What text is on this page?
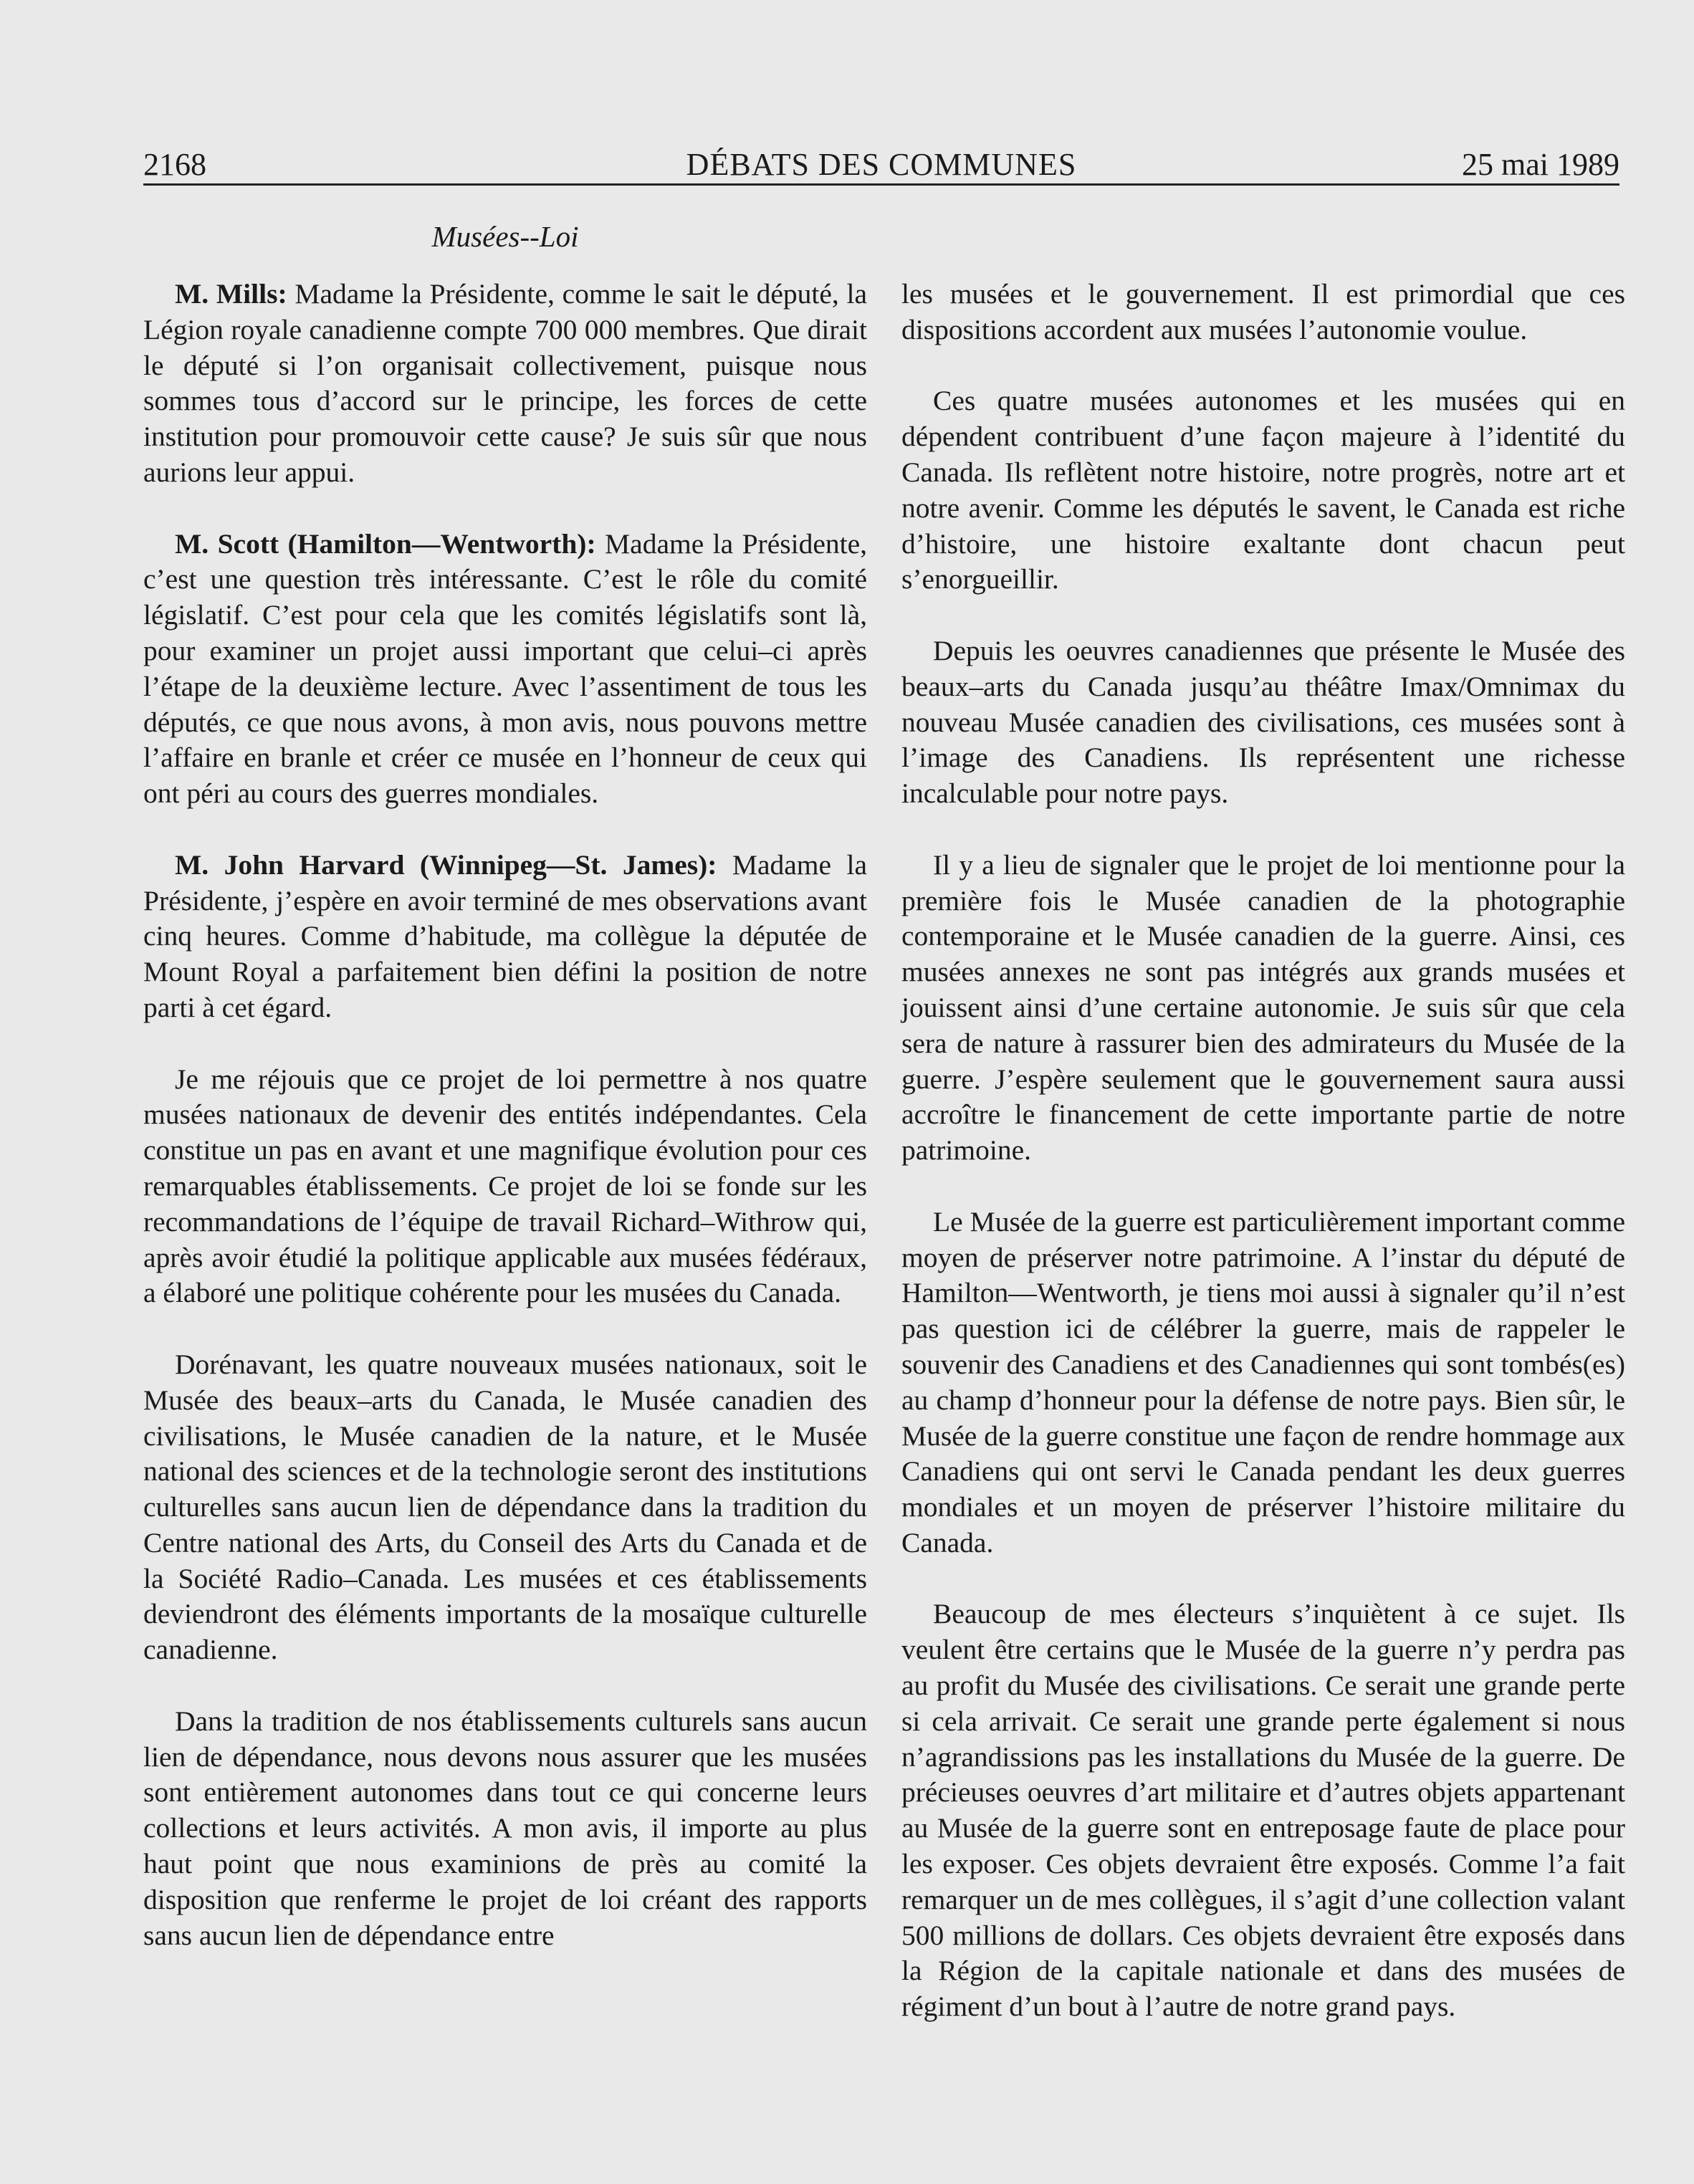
2168	DÉBATS DES COMMUNES	25 mai 1989
Musées--Loi

M. Mills: Madame la Présidente, comme le sait le député, la Légion royale canadienne compte 700 000 membres. Que dirait le député si l’on organisait collectivement, puisque nous sommes tous d’accord sur le principe, les forces de cette institution pour promouvoir cette cause? Je suis sûr que nous aurions leur appui.

M. Scott (Hamilton—Wentworth): Madame la Présidente, c’est une question très intéressante. C’est le rôle du comité législatif. C’est pour cela que les comités législatifs sont là, pour examiner un projet aussi important que celui–ci après l’étape de la deuxième lecture. Avec l’assentiment de tous les députés, ce que nous avons, à mon avis, nous pouvons mettre l’affaire en branle et créer ce musée en l’honneur de ceux qui ont péri au cours des guerres mondiales.

M. John Harvard (Winnipeg—St. James): Madame la Présidente, j’espère en avoir terminé de mes observations avant cinq heures. Comme d’habitude, ma collègue la députée de Mount Royal a parfaitement bien défini la position de notre parti à cet égard.

Je me réjouis que ce projet de loi permettre à nos quatre musées nationaux de devenir des entités indépendantes. Cela constitue un pas en avant et une magnifique évolution pour ces remarquables établissements. Ce projet de loi se fonde sur les recommandations de l’équipe de travail Richard–Withrow qui, après avoir étudié la politique applicable aux musées fédéraux, a élaboré une politique cohérente pour les musées du Canada.

Dorénavant, les quatre nouveaux musées nationaux, soit le Musée des beaux–arts du Canada, le Musée canadien des civilisations, le Musée canadien de la nature, et le Musée national des sciences et de la technologie seront des institutions culturelles sans aucun lien de dépendance dans la tradition du Centre national des Arts, du Conseil des Arts du Canada et de la Société Radio–Canada. Les musées et ces établissements deviendront des éléments importants de la mosaïque culturelle canadienne.

Dans la tradition de nos établissements culturels sans aucun lien de dépendance, nous devons nous assurer que les musées sont entièrement autonomes dans tout ce qui concerne leurs collections et leurs activités. A mon avis, il importe au plus haut point que nous examinions de près au comité la disposition que renferme le projet de loi créant des rapports sans aucun lien de dépendance entre

les musées et le gouvernement. Il est primordial que ces dispositions accordent aux musées l’autonomie voulue.

Ces quatre musées autonomes et les musées qui en dépendent contribuent d’une façon majeure à l’identité du Canada. Ils reflètent notre histoire, notre progrès, notre art et notre avenir. Comme les députés le savent, le Canada est riche d’histoire, une histoire exaltante dont chacun peut s’enorgueillir.

Depuis les oeuvres canadiennes que présente le Musée des beaux–arts du Canada jusqu’au théâtre Imax/Omnimax du nouveau Musée canadien des civilisations, ces musées sont à l’image des Canadiens. Ils représentent une richesse incalculable pour notre pays.

Il y a lieu de signaler que le projet de loi mentionne pour la première fois le Musée canadien de la photographie contemporaine et le Musée canadien de la guerre. Ainsi, ces musées annexes ne sont pas intégrés aux grands musées et jouissent ainsi d’une certaine autonomie. Je suis sûr que cela sera de nature à rassurer bien des admirateurs du Musée de la guerre. J’espère seulement que le gouvernement saura aussi accroître le financement de cette importante partie de notre patrimoine.

Le Musée de la guerre est particulièrement important comme moyen de préserver notre patrimoine. A l’instar du député de Hamilton—Wentworth, je tiens moi aussi à signaler qu’il n’est pas question ici de célébrer la guerre, mais de rappeler le souvenir des Canadiens et des Canadiennes qui sont tombés(es) au champ d’honneur pour la défense de notre pays. Bien sûr, le Musée de la guerre constitue une façon de rendre hommage aux Canadiens qui ont servi le Canada pendant les deux guerres mondiales et un moyen de préserver l’histoire militaire du Canada.

Beaucoup de mes électeurs s’inquiètent à ce sujet. Ils veulent être certains que le Musée de la guerre n’y perdra pas au profit du Musée des civilisations. Ce serait une grande perte si cela arrivait. Ce serait une grande perte également si nous n’agrandissions pas les installations du Musée de la guerre. De précieuses oeuvres d’art militaire et d’autres objets appartenant au Musée de la guerre sont en entreposage faute de place pour les exposer. Ces objets devraient être exposés. Comme l’a fait remarquer un de mes collègues, il s’agit d’une collection valant 500 millions de dollars. Ces objets devraient être exposés dans la Région de la capitale nationale et dans des musées de régiment d’un bout à l’autre de notre grand pays.
